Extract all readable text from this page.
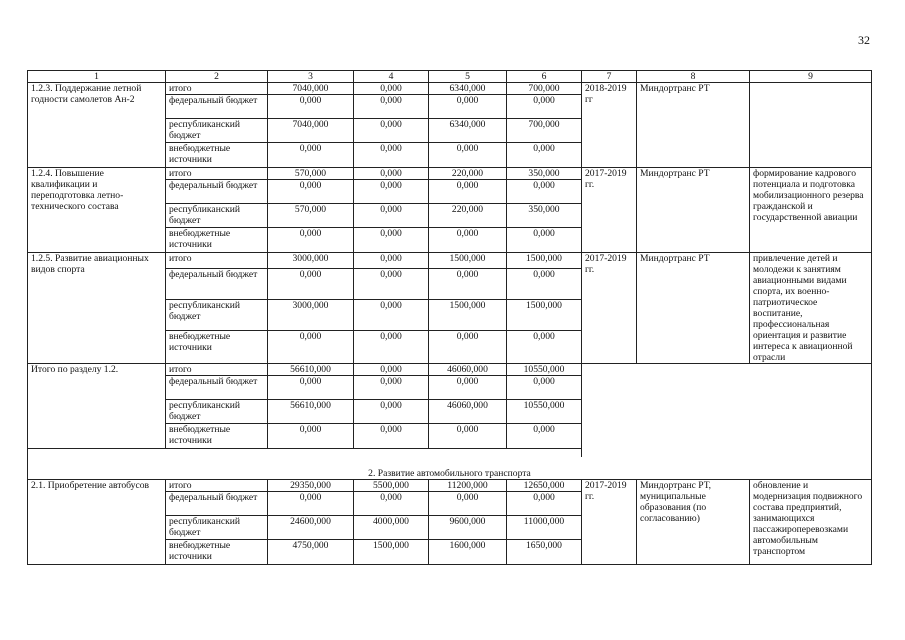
32
1	2	3	4	5	6	7	8	9
1.2.3. Поддержание летной годности самолетов Ан-2	итого	7040,000	0,000	6340,000	700,000	2018-2019 гг	Миндортранс РТ	
	федеральный бюджет	0,000	0,000	0,000	0,000			
	республиканский бюджет	7040,000	0,000	6340,000	700,000			
	внебюджетные источники	0,000	0,000	0,000	0,000			
1.2.4. Повышение квалификации и переподготовка летно-технического состава	итого	570,000	0,000	220,000	350,000	2017-2019 гг.	Миндортранс РТ	формирование кадрового потенциала и подготовка мобилизационного резерва гражданской и государственной авиации
	федеральный бюджет	0,000	0,000	0,000	0,000			
	республиканский бюджет	570,000	0,000	220,000	350,000			
	внебюджетные источники	0,000	0,000	0,000	0,000			
1.2.5. Развитие авиационных видов спорта	итого	3000,000	0,000	1500,000	1500,000	2017-2019 гг.	Миндортранс РТ	привлечение детей и молодежи к занятиям авиационными видами спорта, их военно-патриотическое воспитание, профессиональная ориентация и развитие интереса к авиационной отрасли
	федеральный бюджет	0,000	0,000	0,000	0,000			
	республиканский бюджет	3000,000	0,000	1500,000	1500,000			
	внебюджетные источники	0,000	0,000	0,000	0,000			
Итого по разделу 1.2.	итого	56610,000	0,000	46060,000	10550,000			
	федеральный бюджет	0,000	0,000	0,000	0,000			
	республиканский бюджет	56610,000	0,000	46060,000	10550,000			
	внебюджетные источники	0,000	0,000	0,000	0,000			

2. Развитие автомобильного транспорта								
2.1. Приобретение автобусов	итого	29350,000	5500,000	11200,000	12650,000	2017-2019 гг.	Миндортранс РТ, муниципальные образования (по согласованию)	обновление и модернизация подвижного состава предприятий, занимающихся пассажироперевозками автомобильным транспортом
	федеральный бюджет	0,000	0,000	0,000	0,000			
	республиканский бюджет	24600,000	4000,000	9600,000	11000,000			
	внебюджетные источники	4750,000	1500,000	1600,000	1650,000			
